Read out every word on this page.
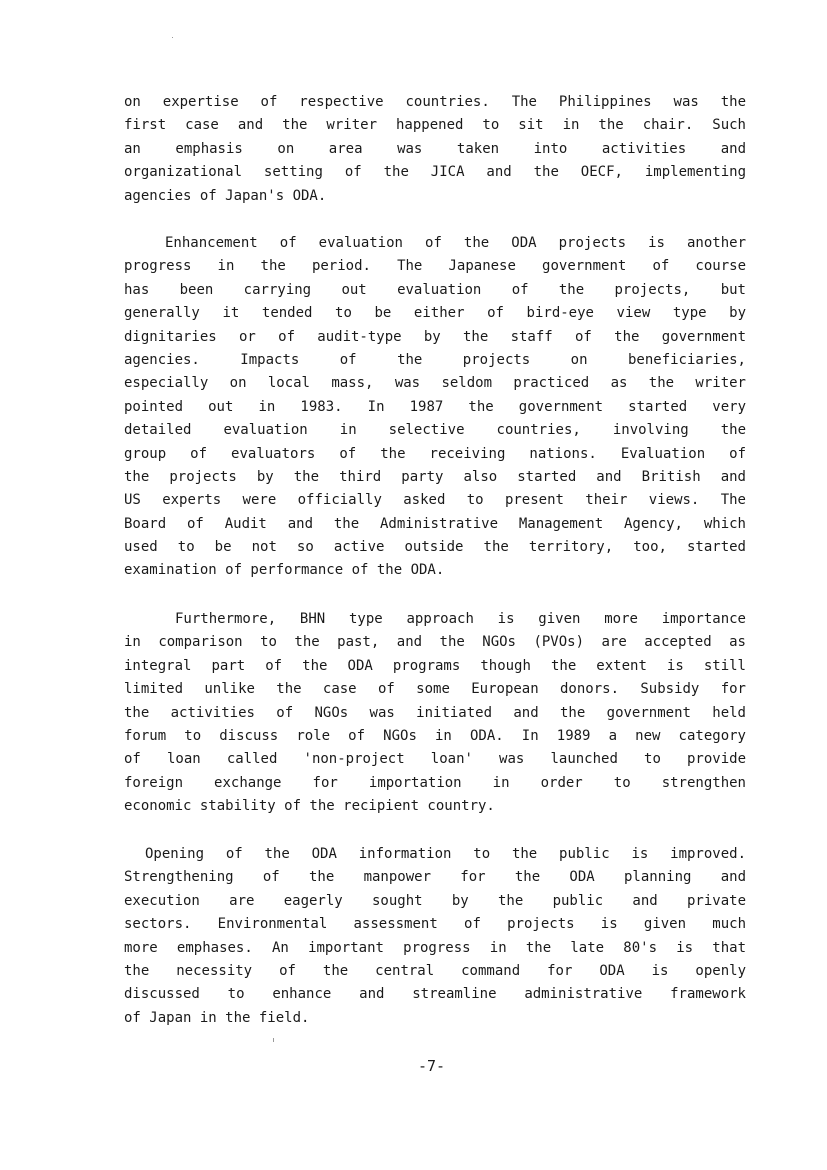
on expertise of respective countries. The Philippines was the
first case and the writer happened to sit in the chair. Such
an emphasis on area was taken into activities and
organizational setting of the JICA and the OECF, implementing
agencies of Japan's ODA.
Enhancement of evaluation of the ODA projects is another
progress in the period. The Japanese government of course
has been carrying out evaluation of the projects, but
generally it tended to be either of bird-eye view type by
dignitaries or of audit-type by the staff of the government
agencies. Impacts of the projects on beneficiaries,
especially on local mass, was seldom practiced as the writer
pointed out in 1983. In 1987 the government started very
detailed evaluation in selective countries, involving the
group of evaluators of the receiving nations. Evaluation of
the projects by the third party also started and British and
US experts were officially asked to present their views. The
Board of Audit and the Administrative Management Agency, which
used to be not so active outside the territory, too, started
examination of performance of the ODA.
Furthermore, BHN type approach is given more importance
in comparison to the past, and the NGOs (PVOs) are accepted as
integral part of the ODA programs though the extent is still
limited unlike the case of some European donors. Subsidy for
the activities of NGOs was initiated and the government held
forum to discuss role of NGOs in ODA. In 1989 a new category
of loan called 'non-project loan' was launched to provide
foreign exchange for importation in order to strengthen
economic stability of the recipient country.
Opening of the ODA information to the public is improved.
Strengthening of the manpower for the ODA planning and
execution are eagerly sought by the public and private
sectors. Environmental assessment of projects is given much
more emphases. An important progress in the late 80's is that
the necessity of the central command for ODA is openly
discussed to enhance and streamline administrative framework
of Japan in the field.
-7-
